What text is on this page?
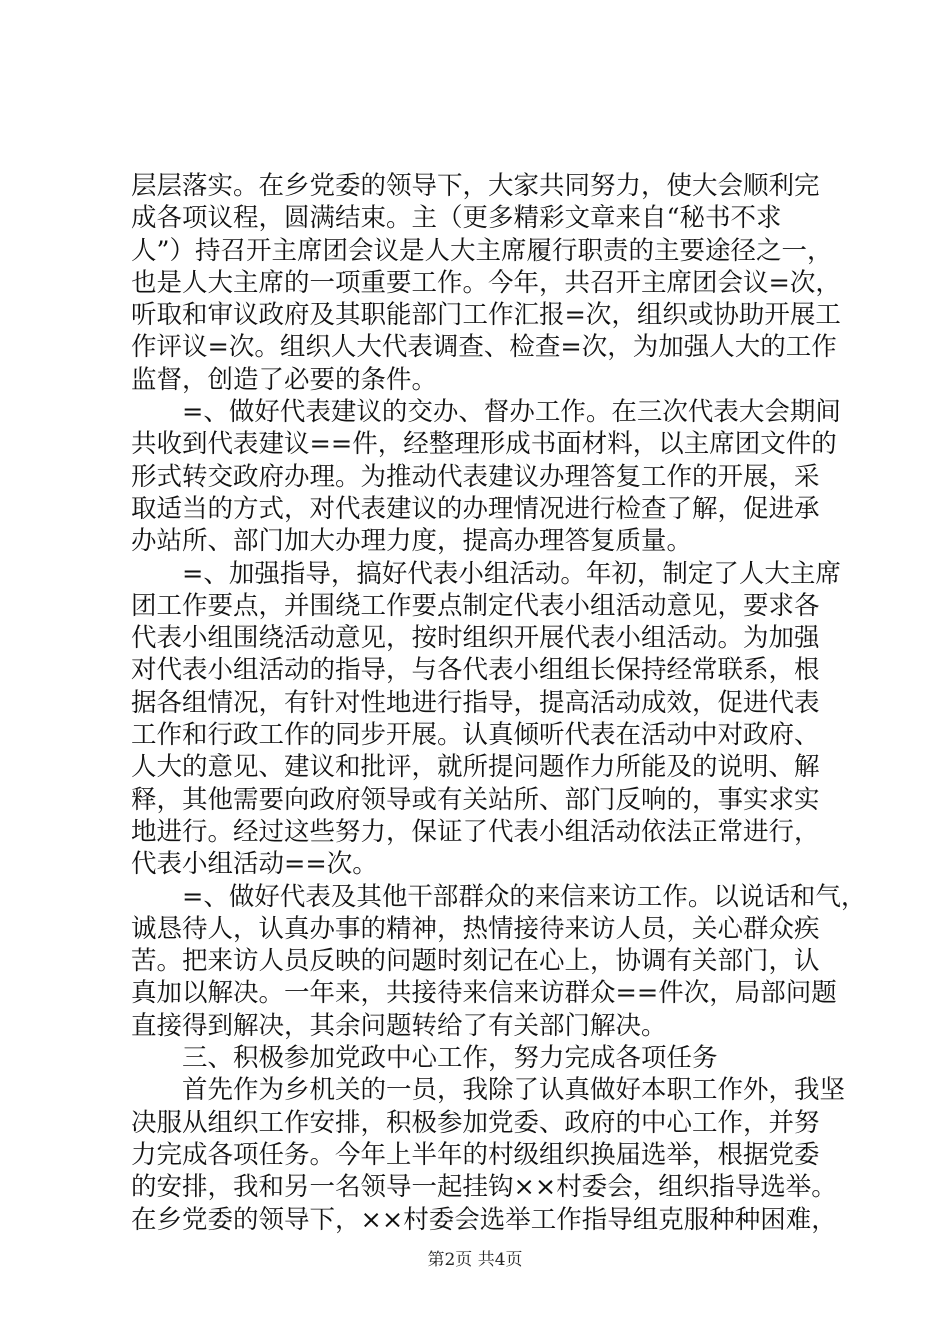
层层落实。在乡党委的领导下，大家共同努力，使大会顺利完
成各项议程，圆满结束。主（更多精彩文章来自“秘书不求
人”）持召开主席团会议是人大主席履行职责的主要途径之一，
也是人大主席的一项重要工作。今年，共召开主席团会议=次，
听取和审议政府及其职能部门工作汇报=次，组织或协助开展工
作评议=次。组织人大代表调查、检查=次，为加强人大的工作
监督，创造了必要的条件。
=、做好代表建议的交办、督办工作。在三次代表大会期间
共收到代表建议==件，经整理形成书面材料，以主席团文件的
形式转交政府办理。为推动代表建议办理答复工作的开展，采
取适当的方式，对代表建议的办理情况进行检查了解，促进承
办站所、部门加大办理力度，提高办理答复质量。
=、加强指导，搞好代表小组活动。年初，制定了人大主席
团工作要点，并围绕工作要点制定代表小组活动意见，要求各
代表小组围绕活动意见，按时组织开展代表小组活动。为加强
对代表小组活动的指导，与各代表小组组长保持经常联系，根
据各组情况，有针对性地进行指导，提高活动成效，促进代表
工作和行政工作的同步开展。认真倾听代表在活动中对政府、
人大的意见、建议和批评，就所提问题作力所能及的说明、解
释，其他需要向政府领导或有关站所、部门反响的，事实求实
地进行。经过这些努力，保证了代表小组活动依法正常进行，
代表小组活动==次。
=、做好代表及其他干部群众的来信来访工作。以说话和气，
诚恳待人，认真办事的精神，热情接待来访人员，关心群众疾
苦。把来访人员反映的问题时刻记在心上，协调有关部门，认
真加以解决。一年来，共接待来信来访群众==件次，局部问题
直接得到解决，其余问题转给了有关部门解决。
三、积极参加党政中心工作，努力完成各项任务
首先作为乡机关的一员，我除了认真做好本职工作外，我坚
决服从组织工作安排，积极参加党委、政府的中心工作，并努
力完成各项任务。今年上半年的村级组织换届选举，根据党委
的安排，我和另一名领导一起挂钩××村委会，组织指导选举。
在乡党委的领导下，××村委会选举工作指导组克服种种困难，
第2页 共4页
